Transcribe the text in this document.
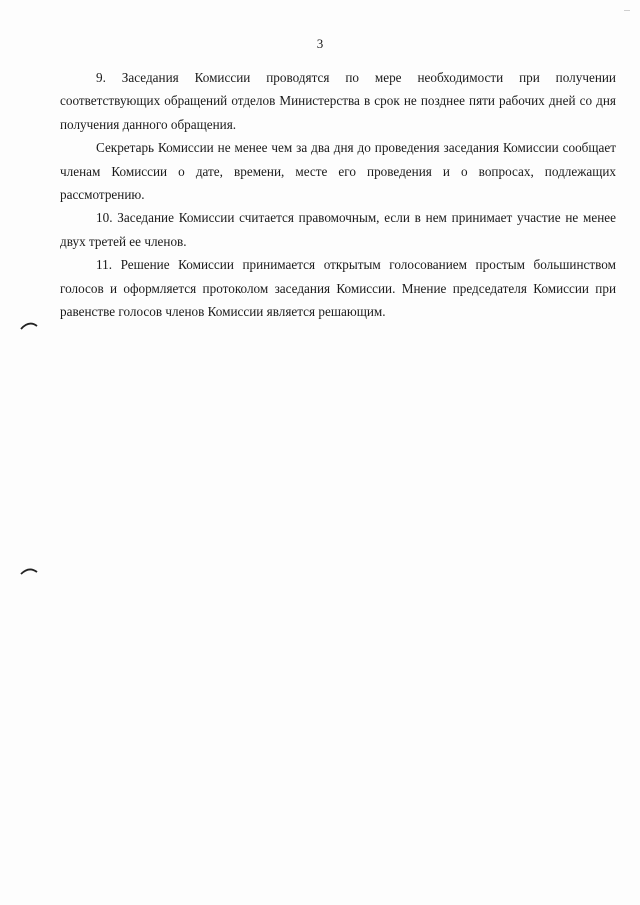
3

9. Заседания Комиссии проводятся по мере необходимости при получении соответствующих обращений отделов Министерства в срок не позднее пяти рабочих дней со дня получения данного обращения.

Секретарь Комиссии не менее чем за два дня до проведения заседания Комиссии сообщает членам Комиссии о дате, времени, месте его проведения и о вопросах, подлежащих рассмотрению.

10. Заседание Комиссии считается правомочным, если в нем принимает участие не менее двух третей ее членов.

11. Решение Комиссии принимается открытым голосованием простым большинством голосов и оформляется протоколом заседания Комиссии. Мнение председателя Комиссии при равенстве голосов членов Комиссии является решающим.
